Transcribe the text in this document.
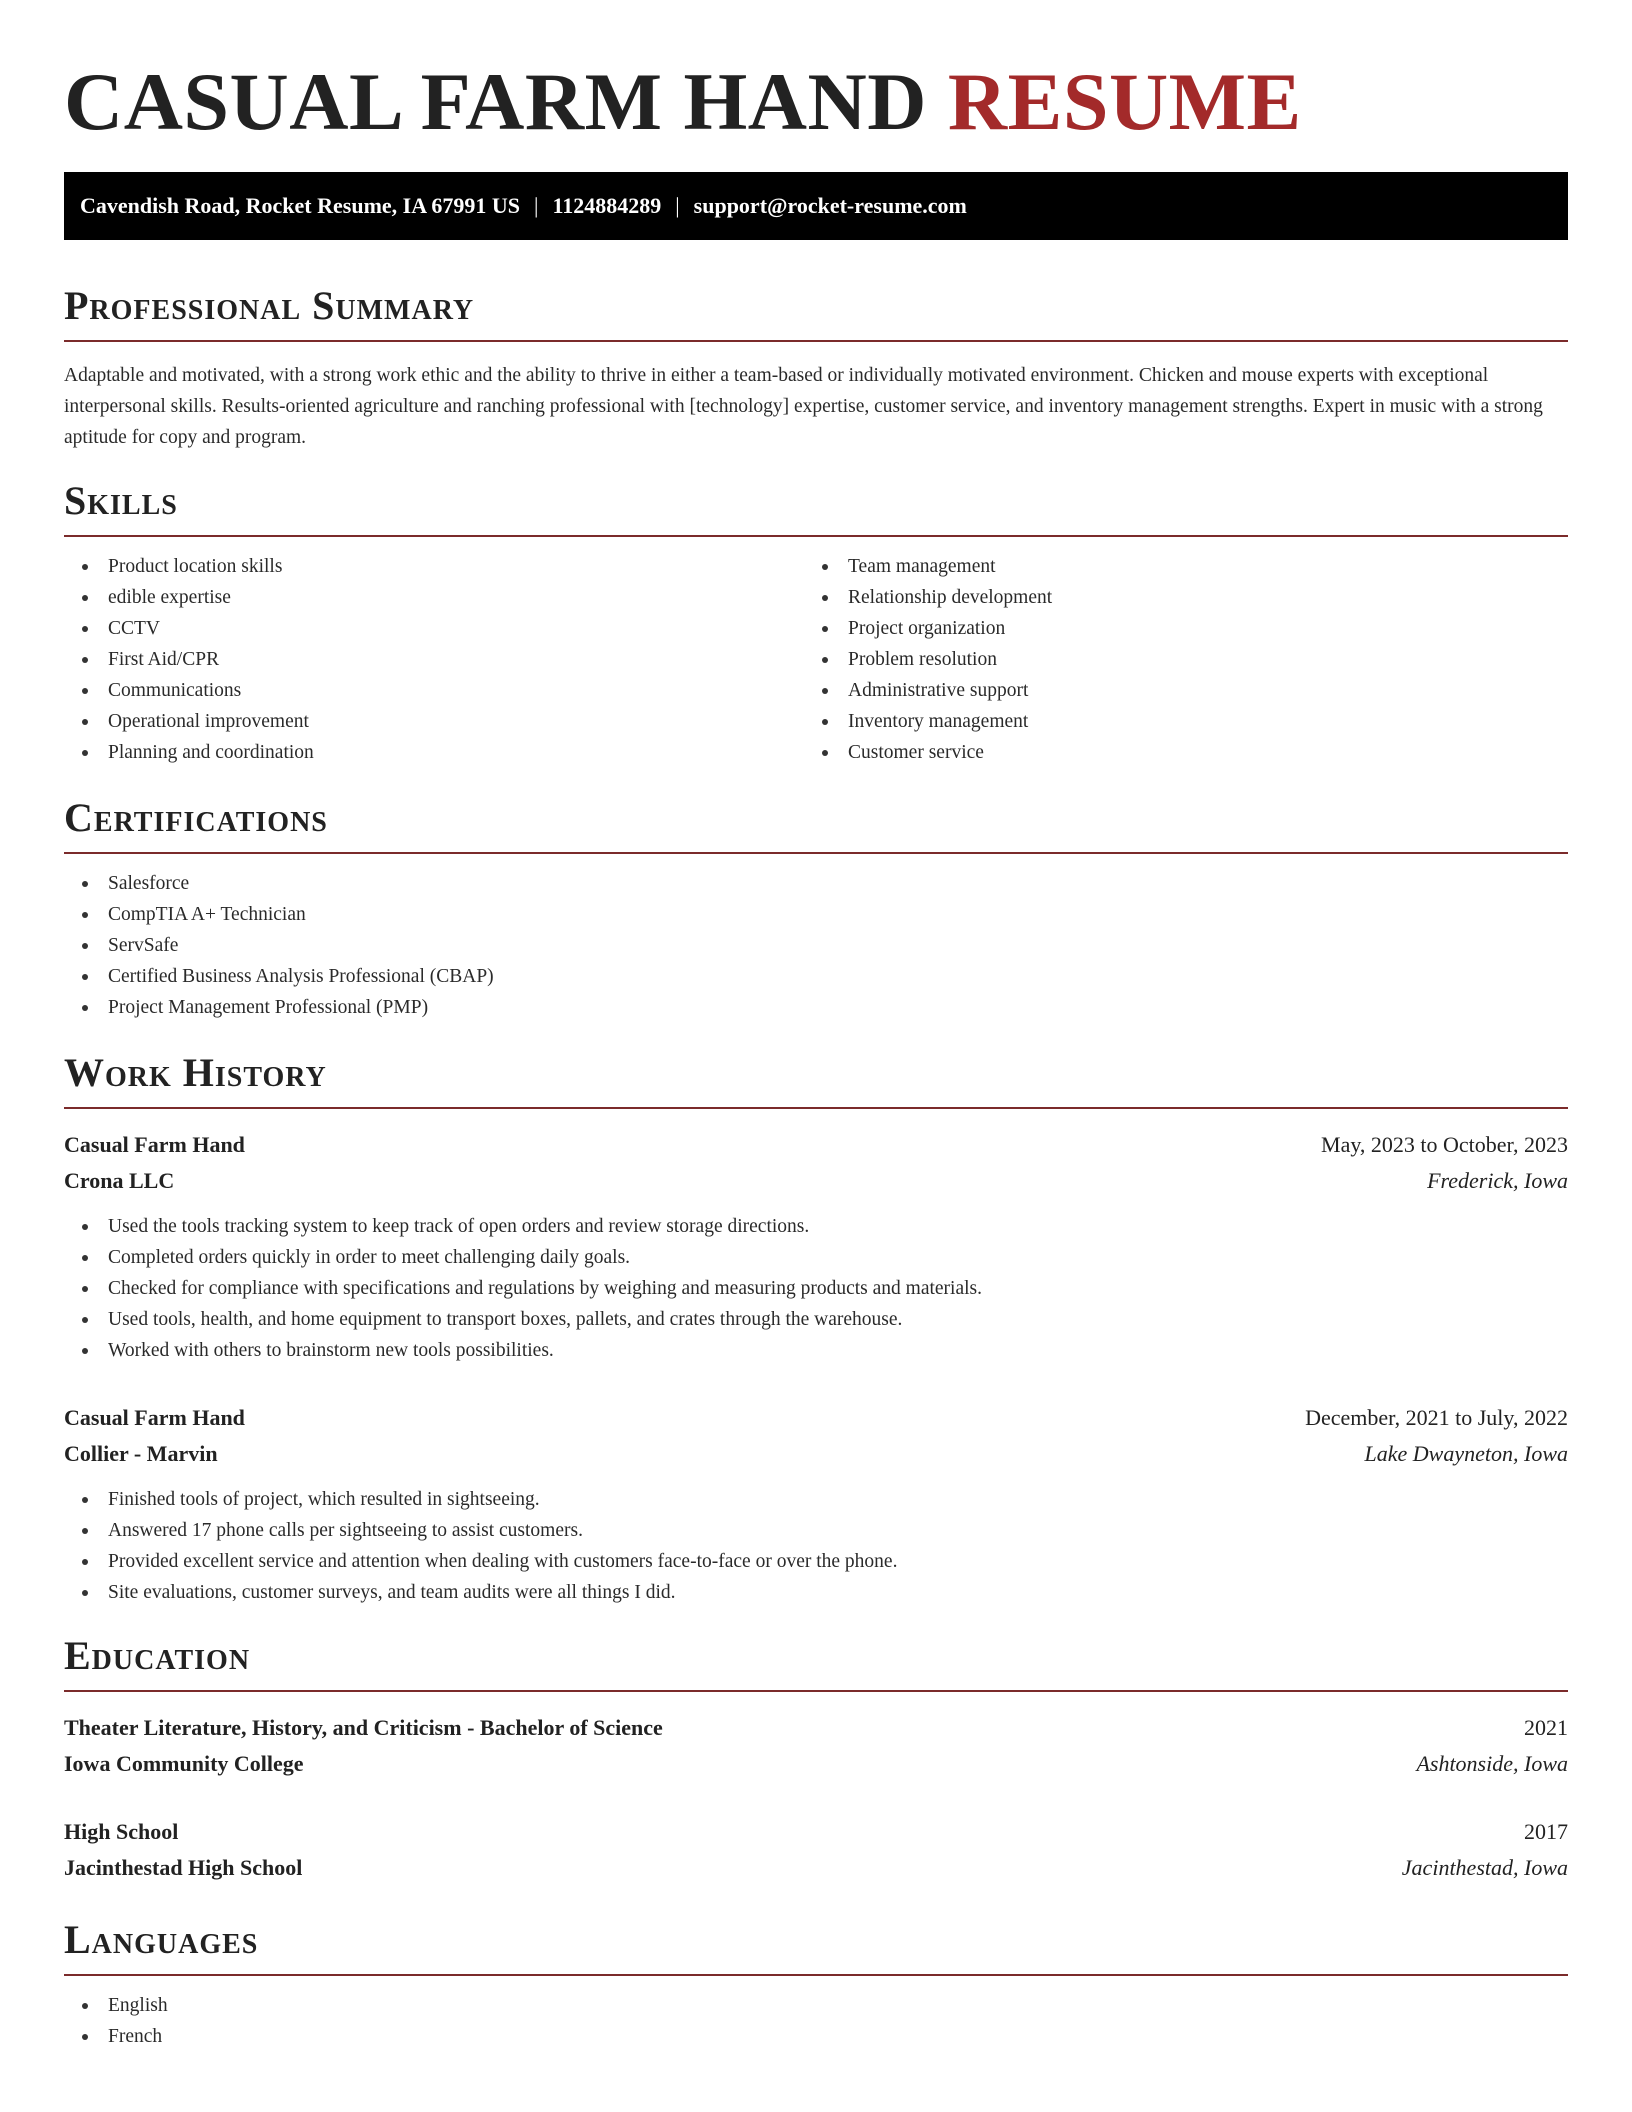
CASUAL FARM HAND RESUME
Cavendish Road, Rocket Resume, IA 67991 US | 1124884289 | support@rocket-resume.com
Professional Summary

Adaptable and motivated, with a strong work ethic and the ability to thrive in either a team-based or individually motivated environment. Chicken and mouse experts with exceptional interpersonal skills. Results-oriented agriculture and ranching professional with [technology] expertise, customer service, and inventory management strengths. Expert in music with a strong aptitude for copy and program.

Skills
Product location skills
edible expertise
CCTV
First Aid/CPR
Communications
Operational improvement
Planning and coordination
Team management
Relationship development
Project organization
Problem resolution
Administrative support
Inventory management
Customer service
Certifications
Salesforce
CompTIA A+ Technician
ServSafe
Certified Business Analysis Professional (CBAP)
Project Management Professional (PMP)
Work History
Casual Farm Hand	May, 2023 to October, 2023
Crona LLC	Frederick, Iowa
Used the tools tracking system to keep track of open orders and review storage directions.
Completed orders quickly in order to meet challenging daily goals.
Checked for compliance with specifications and regulations by weighing and measuring products and materials.
Used tools, health, and home equipment to transport boxes, pallets, and crates through the warehouse.
Worked with others to brainstorm new tools possibilities.
Casual Farm Hand	December, 2021 to July, 2022
Collier - Marvin	Lake Dwayneton, Iowa
Finished tools of project, which resulted in sightseeing.
Answered 17 phone calls per sightseeing to assist customers.
Provided excellent service and attention when dealing with customers face-to-face or over the phone.
Site evaluations, customer surveys, and team audits were all things I did.
Education
Theater Literature, History, and Criticism - Bachelor of Science	2021
Iowa Community College	Ashtonside, Iowa
High School	2017
Jacinthestad High School	Jacinthestad, Iowa
Languages
English
French
